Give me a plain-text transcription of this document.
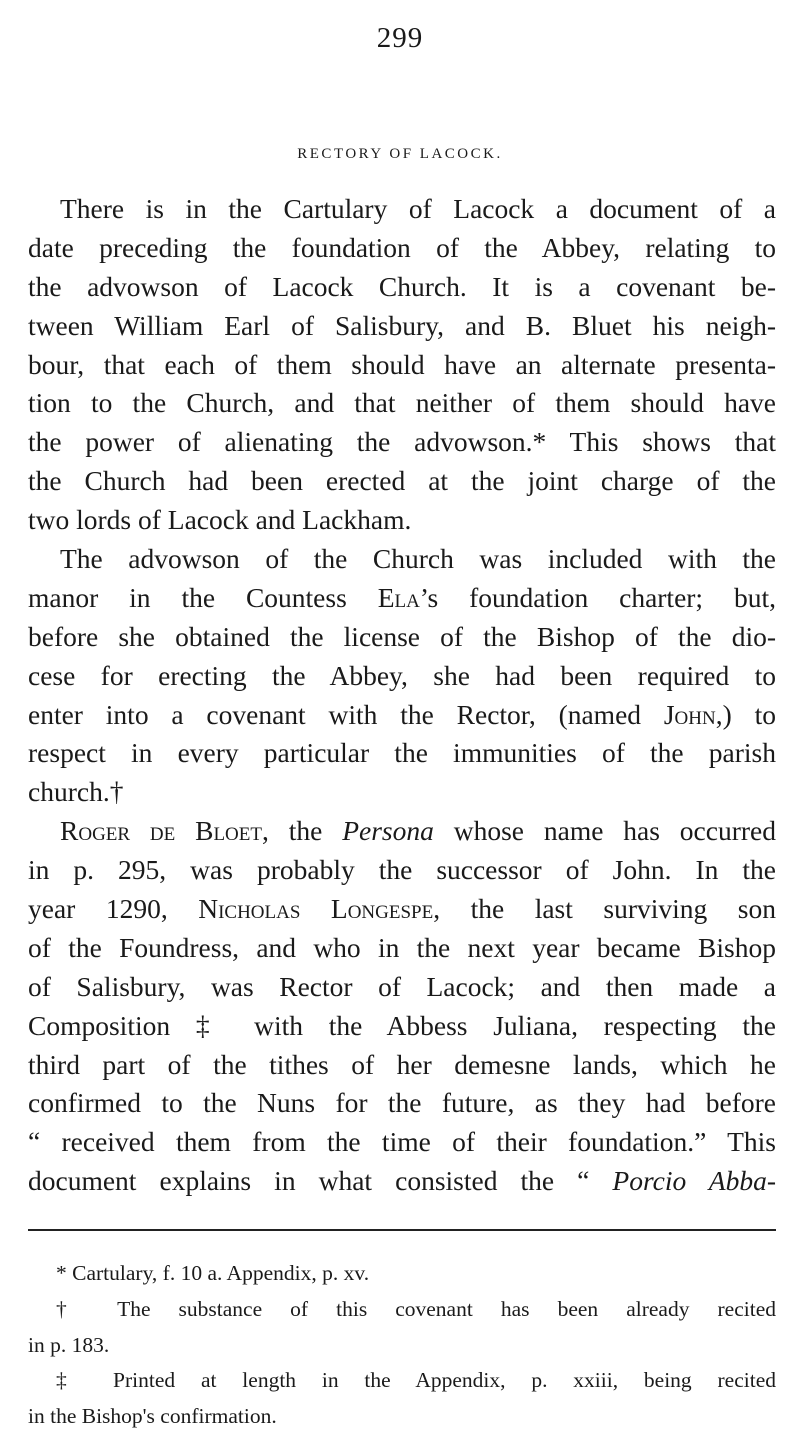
299
RECTORY OF LACOCK.
There is in the Cartulary of Lacock a document of a
date preceding the foundation of the Abbey, relating to
the advowson of Lacock Church. It is a covenant be-
tween William Earl of Salisbury, and B. Bluet his neigh-
bour, that each of them should have an alternate presenta-
tion to the Church, and that neither of them should have
the power of alienating the advowson.* This shows that
the Church had been erected at the joint charge of the
two lords of Lacock and Lackham.
The advowson of the Church was included with the
manor in the Countess Ela’s foundation charter; but,
before she obtained the license of the Bishop of the dio-
cese for erecting the Abbey, she had been required to
enter into a covenant with the Rector, (named John,) to
respect in every particular the immunities of the parish
church.†
Roger de Bloet, the Persona whose name has occurred
in p. 295, was probably the successor of John. In the
year 1290, Nicholas Longespe, the last surviving son
of the Foundress, and who in the next year became Bishop
of Salisbury, was Rector of Lacock; and then made a
Composition ‡ with the Abbess Juliana, respecting the
third part of the tithes of her demesne lands, which he
confirmed to the Nuns for the future, as they had before
“ received them from the time of their foundation.” This
document explains in what consisted the “ Porcio Abba-
* Cartulary, f. 10 a. Appendix, p. xv.
† The substance of this covenant has been already recited
in p. 183.
‡ Printed at length in the Appendix, p. xxiii, being recited
in the Bishop's confirmation.
